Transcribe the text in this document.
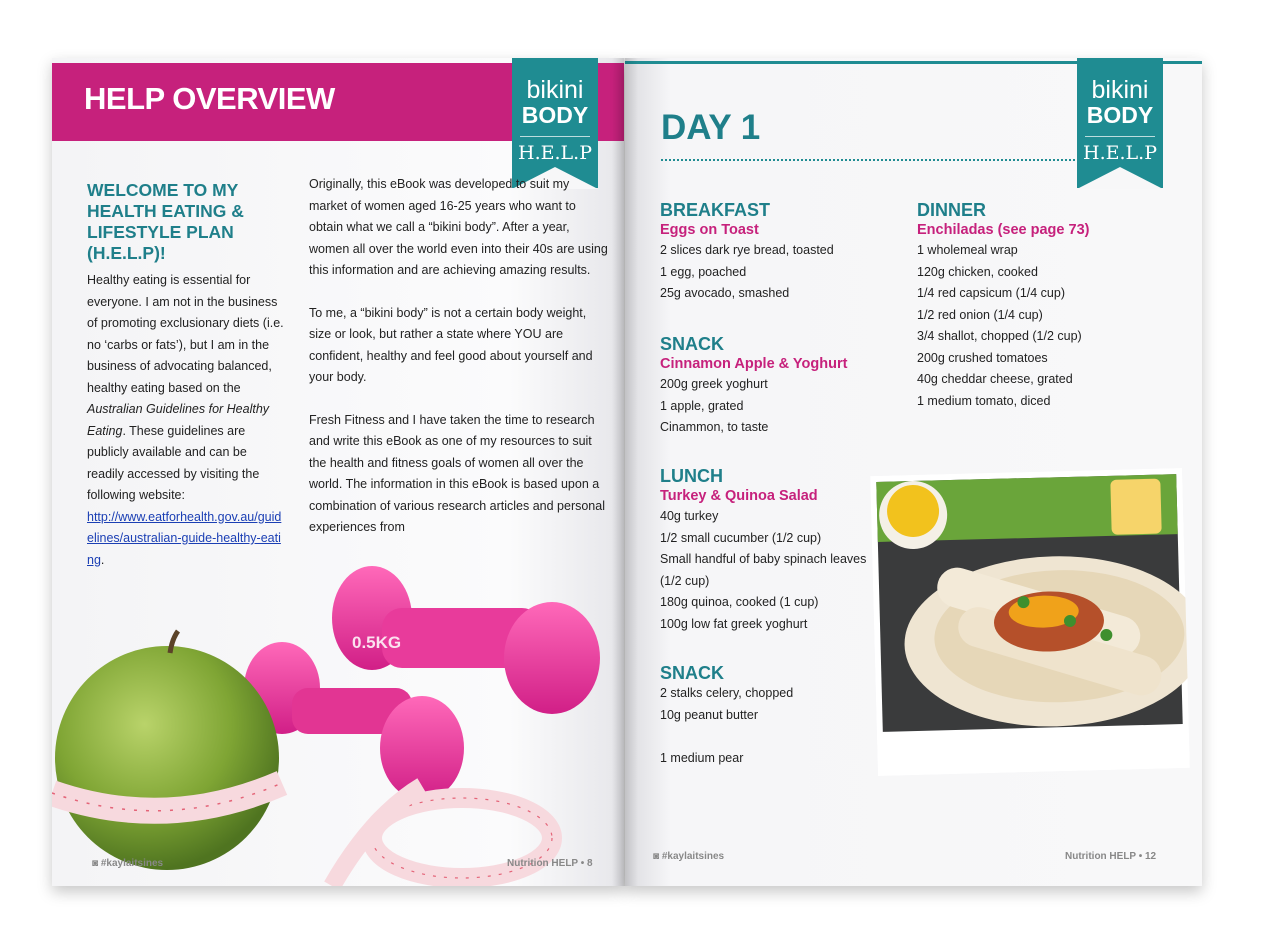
HELP OVERVIEW	bikini
BODY
H.E.L.P
WELCOME TO MY HEALTH EATING & LIFESTYLE PLAN (H.E.L.P)!
Healthy eating is essential for everyone. I am not in the business of promoting exclusionary diets (i.e. no ‘carbs or fats’), but I am in the business of advocating balanced, healthy eating based on the Australian Guidelines for Healthy Eating. These guidelines are publicly available and can be readily accessed by visiting the following website:
http://www.eatforhealth.gov.au/guidelines/australian-guide-healthy-eating.

Originally, this eBook was developed to suit my market of women aged 16-25 years who want to obtain what we call a “bikini body”. After a year, women all over the world even into their 40s are using this information and are achieving amazing results.

To me, a “bikini body” is not a certain body weight, size or look, but rather a state where YOU are confident, healthy and feel good about yourself and your body.

Fresh Fitness and I have taken the time to research and write this eBook as one of my resources to suit the health and fitness goals of women all over the world. The information in this eBook is based upon a combination of various research articles and personal experiences from

0.5KG
◙ #kaylaitsines	Nutrition HELP • 8
DAY 1
bikini
BODY
H.E.L.P
BREAKFAST
Eggs on Toast
2 slices dark rye bread, toasted
1 egg, poached
25g avocado, smashed
SNACK
Cinnamon Apple & Yoghurt
200g greek yoghurt
1 apple, grated
Cinammon, to taste
LUNCH
Turkey & Quinoa Salad
40g turkey
1/2 small cucumber (1/2 cup)
Small handful of baby spinach leaves
(1/2 cup)
180g quinoa, cooked (1 cup)
100g low fat greek yoghurt
SNACK
2 stalks celery, chopped
10g peanut butter
1 medium pear
DINNER
Enchiladas (see page 73)
1 wholemeal wrap
120g chicken, cooked
1/4 red capsicum (1/4 cup)
1/2 red onion (1/4 cup)
3/4 shallot, chopped (1/2 cup)
200g crushed tomatoes
40g cheddar cheese, grated
1 medium tomato, diced
◙ #kaylaitsines	Nutrition HELP • 12
